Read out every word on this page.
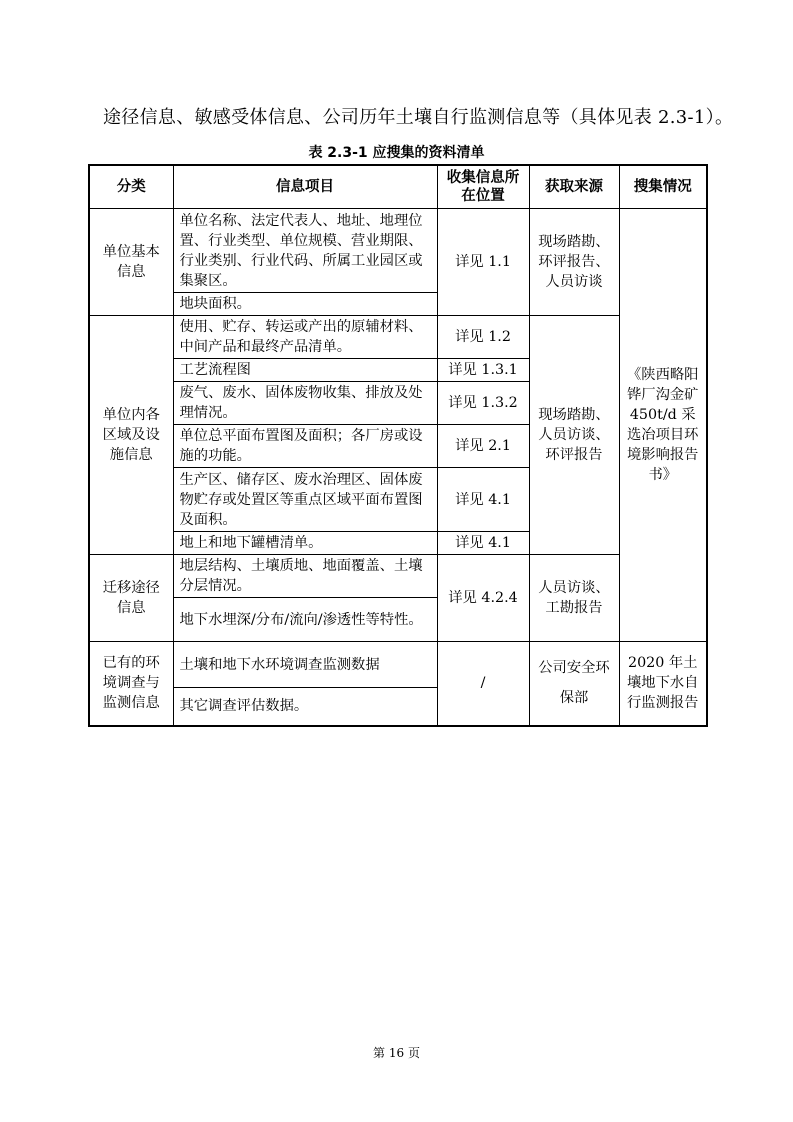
途径信息、敏感受体信息、公司历年土壤自行监测信息等（具体见表 2.3-1）。
表 2.3-1 应搜集的资料清单
分类	信息项目	收集信息所在位置	获取来源	搜集情况
单位基本信息	单位名称、法定代表人、地址、地理位置、行业类型、单位规模、营业期限、行业类别、行业代码、所属工业园区或集聚区。	详见 1.1	现场踏勘、环评报告、人员访谈	《陕西略阳铧厂沟金矿450t/d 采选冶项目环境影响报告书》
	地块面积。			
单位内各区域及设施信息	使用、贮存、转运或产出的原辅材料、中间产品和最终产品清单。	详见 1.2	现场踏勘、人员访谈、环评报告	
	工艺流程图	详见 1.3.1		
	废气、废水、固体废物收集、排放及处理情况。	详见 1.3.2		
	单位总平面布置图及面积；各厂房或设施的功能。	详见 2.1		
	生产区、储存区、废水治理区、固体废物贮存或处置区等重点区域平面布置图及面积。	详见 4.1		
	地上和地下罐槽清单。	详见 4.1		
迁移途径信息	地层结构、土壤质地、地面覆盖、土壤分层情况。	详见 4.2.4	人员访谈、工勘报告	
	地下水埋深/分布/流向/渗透性等特性。			
已有的环境调查与监测信息	土壤和地下水环境调查监测数据	/	公司安全环保部	2020 年土壤地下水自行监测报告
	其它调查评估数据。			
第 16 页
